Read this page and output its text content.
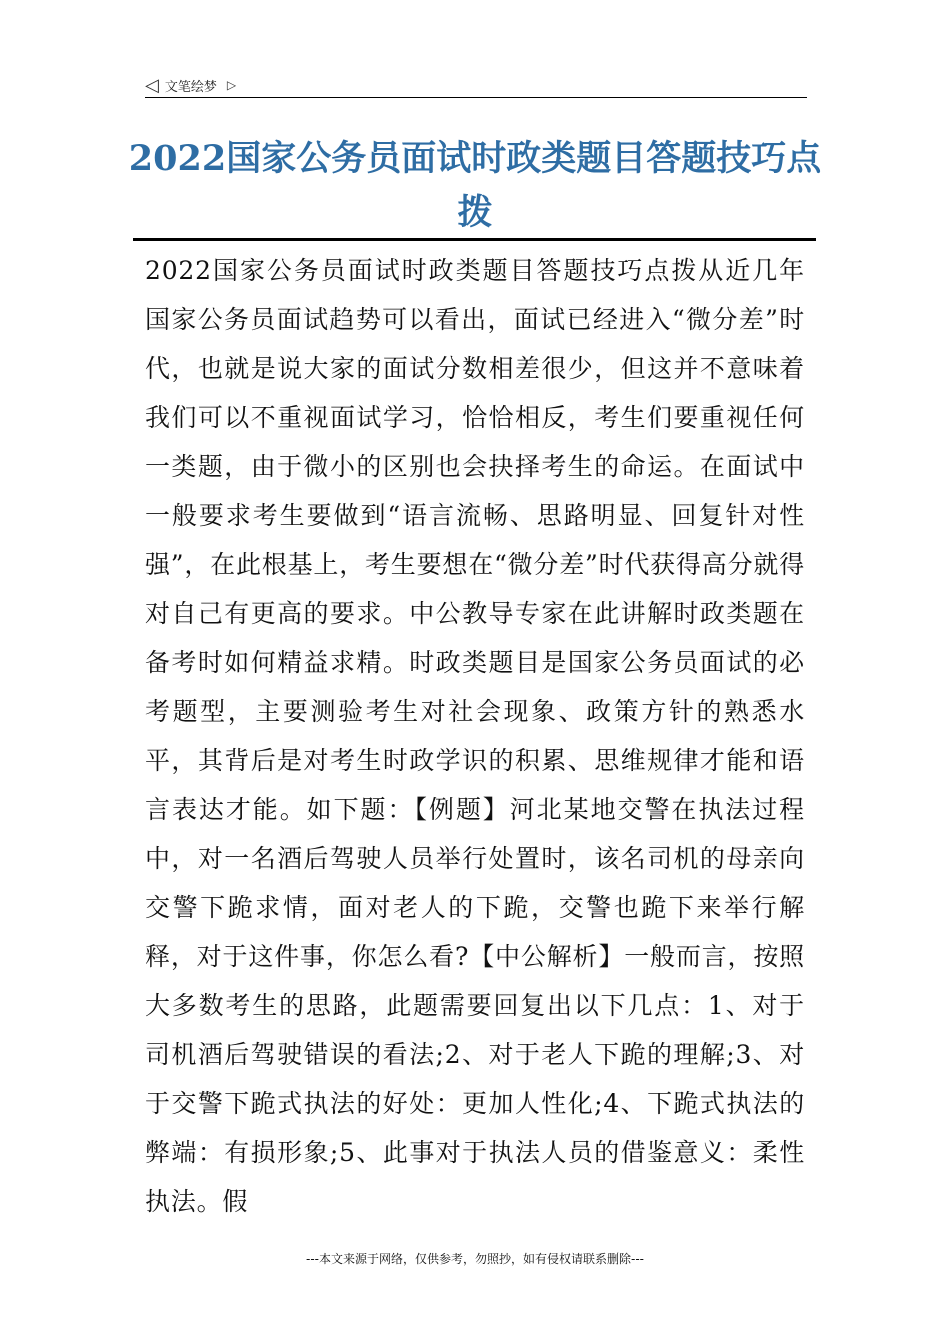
◁ 文笔绘梦 ▷
2022国家公务员面试时政类题目答题技巧点拨

2022国家公务员面试时政类题目答题技巧点拨从近几年国家公务员面试趋势可以看出，面试已经进入“微分差”时代，也就是说大家的面试分数相差很少，但这并不意味着我们可以不重视面试学习，恰恰相反，考生们要重视任何一类题，由于微小的区别也会抉择考生的命运。在面试中一般要求考生要做到“语言流畅、思路明显、回复针对性强”，在此根基上，考生要想在“微分差”时代获得高分就得对自己有更高的要求。中公教导专家在此讲解时政类题在备考时如何精益求精。时政类题目是国家公务员面试的必考题型，主要测验考生对社会现象、政策方针的熟悉水平，其背后是对考生时政学识的积累、思维规律才能和语言表达才能。如下题：【例题】河北某地交警在执法过程中，对一名酒后驾驶人员举行处置时，该名司机的母亲向交警下跪求情，面对老人的下跪，交警也跪下来举行解释，对于这件事，你怎么看?【中公解析】一般而言，按照大多数考生的思路，此题需要回复出以下几点：1、对于司机酒后驾驶错误的看法;2、对于老人下跪的理解;3、对于交警下跪式执法的好处：更加人性化;4、下跪式执法的弊端：有损形象;5、此事对于执法人员的借鉴意义：柔性执法。假

---本文来源于网络，仅供参考，勿照抄，如有侵权请联系删除---
